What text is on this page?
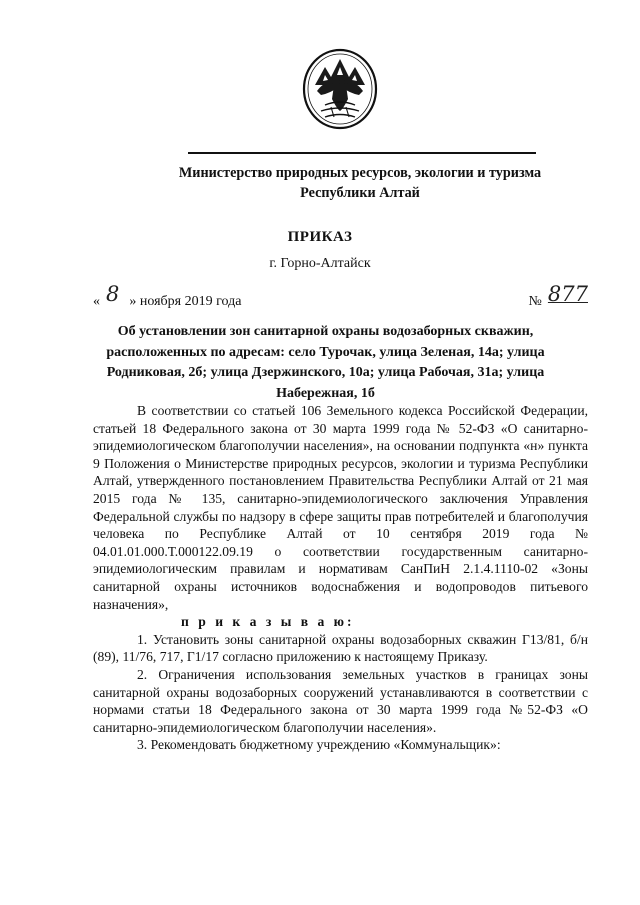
Министерство природных ресурсов, экологии и туризма Республики Алтай
ПРИКАЗ
г. Горно-Алтайск
« 8 » ноября 2019 года	№ 877
Об установлении зон санитарной охраны водозаборных скважин, расположенных по адресам: село Турочак, улица Зеленая, 14а; улица Родниковая, 2б; улица Дзержинского, 10а; улица Рабочая, 31а; улица Набережная, 1б

В соответствии со статьей 106 Земельного кодекса Российской Федерации, статьей 18 Федерального закона от 30 марта 1999 года № 52-ФЗ «О санитарно-эпидемиологическом благополучии населения», на основании подпункта «н» пункта 9 Положения о Министерстве природных ресурсов, экологии и туризма Республики Алтай, утвержденного постановлением Правительства Республики Алтай от 21 мая 2015 года № 135, санитарно-эпидемиологического заключения Управления Федеральной службы по надзору в сфере защиты прав потребителей и благополучия человека по Республике Алтай от 10 сентября 2019 года № 04.01.01.000.Т.000122.09.19 о соответствии государственным санитарно-эпидемиологическим правилам и нормативам СанПиН 2.1.4.1110-02 «Зоны санитарной охраны источников водоснабжения и водопроводов питьевого назначения»,

п р и к а з ы в а ю:

1. Установить зоны санитарной охраны водозаборных скважин Г13/81, б/н (89), 11/76, 717, Г1/17 согласно приложению к настоящему Приказу.

2. Ограничения использования земельных участков в границах зоны санитарной охраны водозаборных сооружений устанавливаются в соответствии с нормами статьи 18 Федерального закона от 30 марта 1999 года №52-ФЗ «О санитарно-эпидемиологическом благополучии населения».

3. Рекомендовать бюджетному учреждению «Коммунальщик»:
